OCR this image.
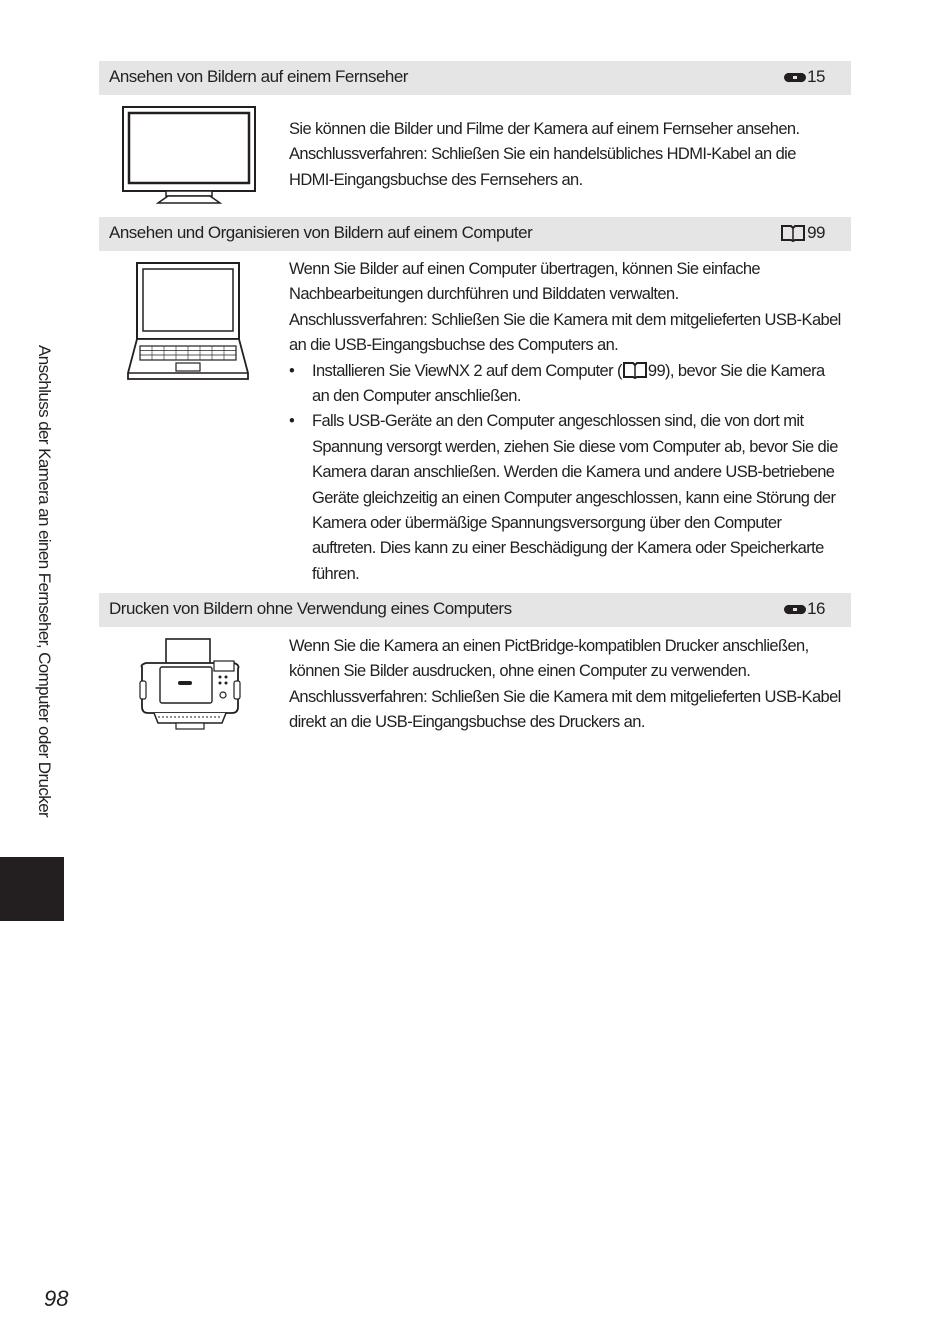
Anschluss der Kamera an einen Fernseher, Computer oder Drucker
Ansehen von Bildern auf einem Fernseher	15

Sie können die Bilder und Filme der Kamera auf einem Fernseher ansehen.

Anschlussverfahren: Schließen Sie ein handelsübliches HDMI-Kabel an die HDMI-Eingangsbuchse des Fernsehers an.

Ansehen und Organisieren von Bildern auf einem Computer	99

Wenn Sie Bilder auf einen Computer übertragen, können Sie einfache Nachbearbeitungen durchführen und Bilddaten verwalten.

Anschlussverfahren: Schließen Sie die Kamera mit dem mitgelieferten USB-Kabel an die USB-Eingangsbuchse des Computers an.

• Installieren Sie ViewNX 2 auf dem Computer ( 99), bevor Sie die Kamera an den Computer anschließen.
• Falls USB-Geräte an den Computer angeschlossen sind, die von dort mit Spannung versorgt werden, ziehen Sie diese vom Computer ab, bevor Sie die Kamera daran anschließen. Werden die Kamera und andere USB-betriebene Geräte gleichzeitig an einen Computer angeschlossen, kann eine Störung der Kamera oder übermäßige Spannungsversorgung über den Computer auftreten. Dies kann zu einer Beschädigung der Kamera oder Speicherkarte führen.
Drucken von Bildern ohne Verwendung eines Computers	16

Wenn Sie die Kamera an einen PictBridge-kompatiblen Drucker anschließen, können Sie Bilder ausdrucken, ohne einen Computer zu verwenden.

Anschlussverfahren: Schließen Sie die Kamera mit dem mitgelieferten USB-Kabel direkt an die USB-Eingangsbuchse des Druckers an.

98
